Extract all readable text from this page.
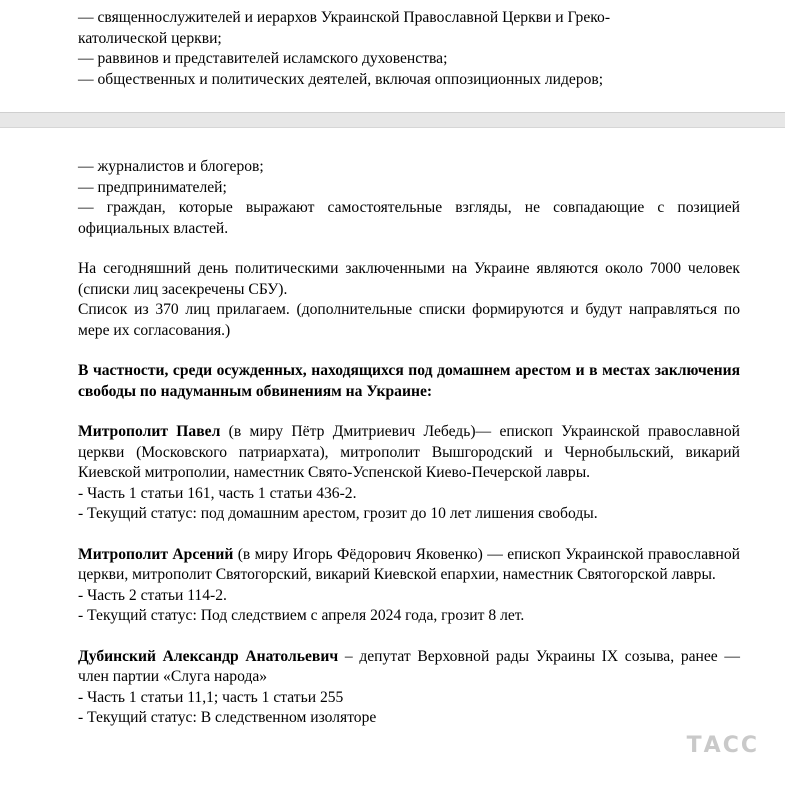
— священнослужителей и иерархов Украинской Православной Церкви и Греко-

католической церкви;

— раввинов и представителей исламского духовенства;

— общественных и политических деятелей, включая оппозиционных лидеров;

— журналистов и блогеров;

— предпринимателей;

— граждан, которые выражают самостоятельные взгляды, не совпадающие с позицией официальных властей.

На сегодняшний день политическими заключенными на Украине являются около 7000 человек (списки лиц засекречены СБУ).

Список из 370 лиц прилагаем. (дополнительные списки формируются и будут направляться по мере их согласования.)

В частности, среди осужденных, находящихся под домашнем арестом и в местах заключения свободы по надуманным обвинениям на Украине:

Митрополит Павел (в миру Пётр Дмитриевич Лебедь)— епископ Украинской православной церкви (Московского патриархата), митрополит Вышгородский и Чернобыльский, викарий Киевской митрополии, наместник Свято-Успенской Киево-Печерской лавры.

- Часть 1 статьи 161, часть 1 статьи 436-2.

- Текущий статус: под домашним арестом, грозит до 10 лет лишения свободы.

Митрополит Арсений (в миру Игорь Фёдорович Яковенко) — епископ Украинской православной церкви, митрополит Святогорский, викарий Киевской епархии, наместник Святогорской лавры.

- Часть 2 статьи 114-2.

- Текущий статус: Под следствием с апреля 2024 года, грозит 8 лет.

Дубинский Александр Анатольевич – депутат Верховной рады Украины IX созыва, ранее — член партии «Слуга народа»

- Часть 1 статьи 11,1; часть 1 статьи 255

- Текущий статус: В следственном изоляторе

ТАСС
